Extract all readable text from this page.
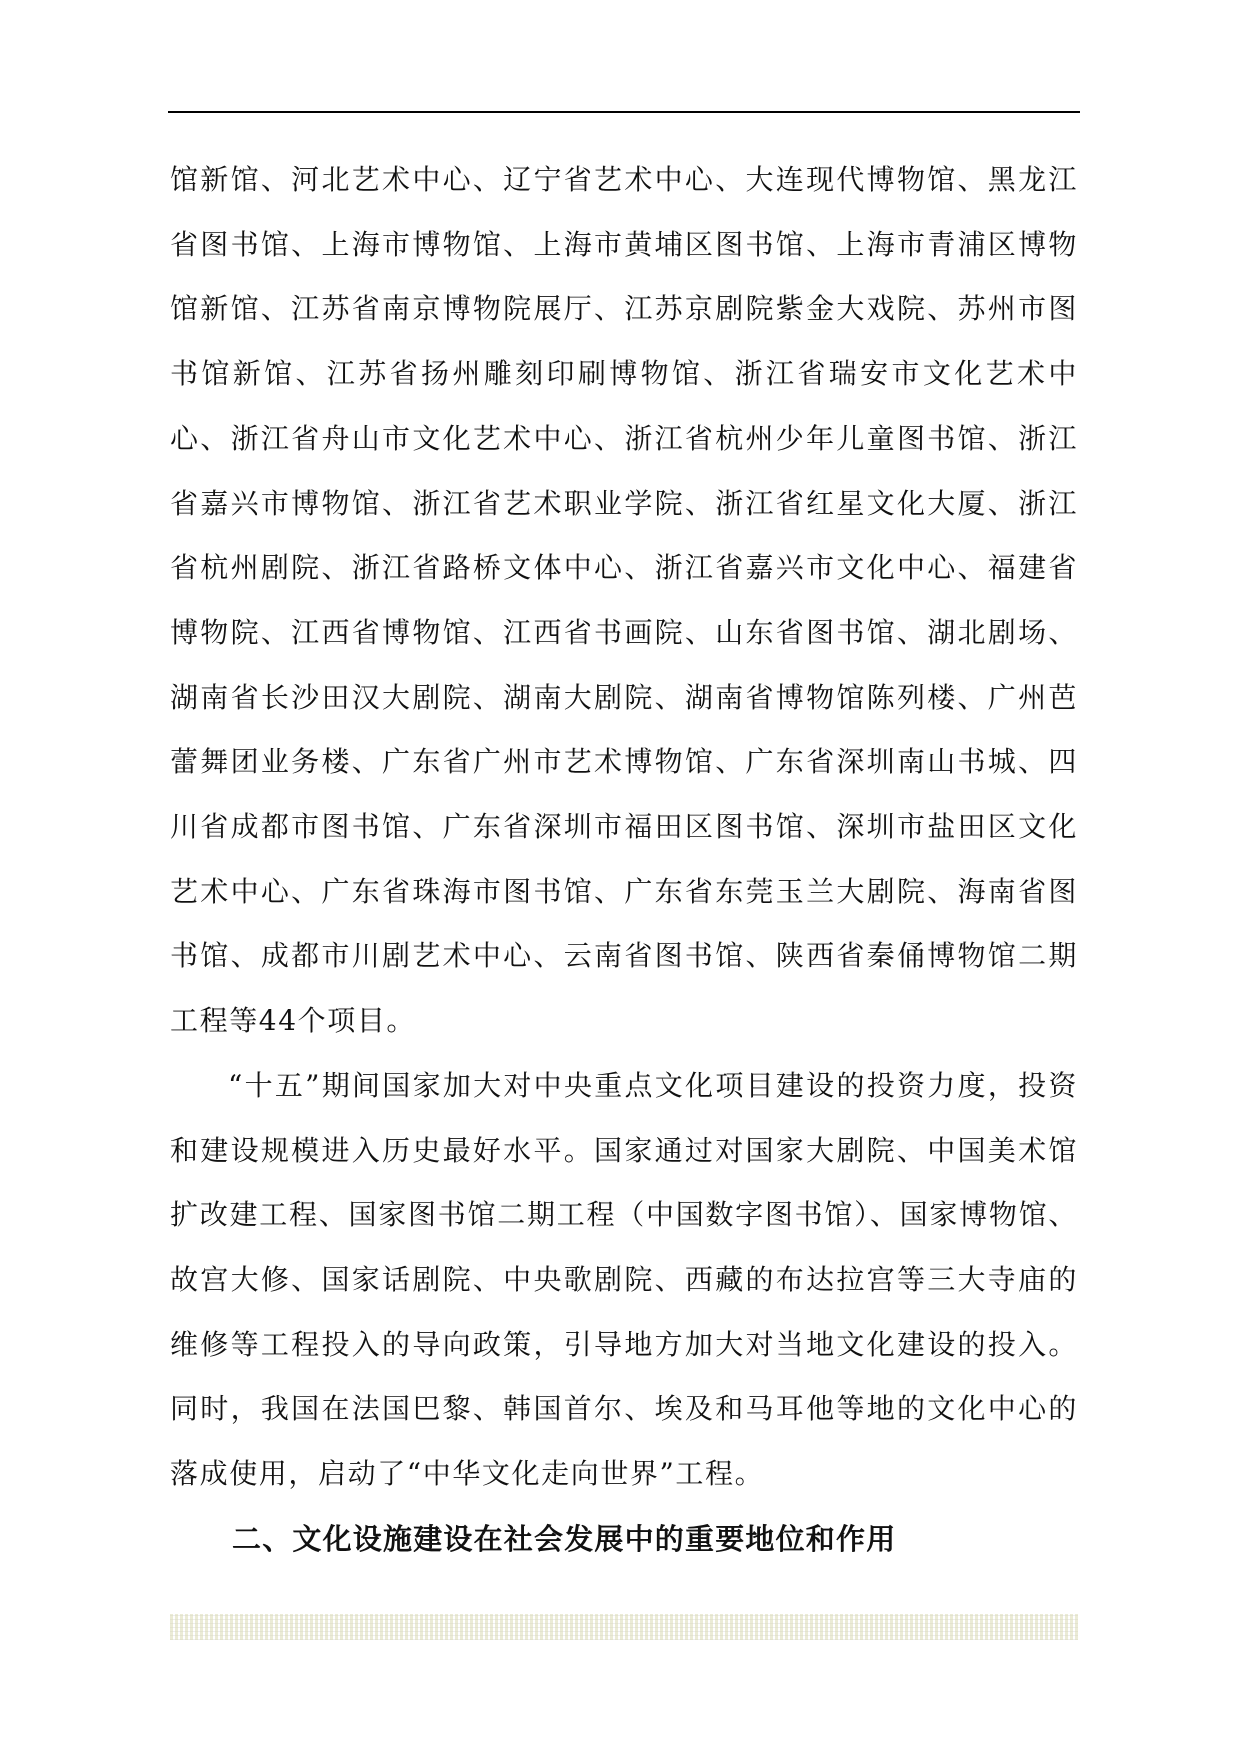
馆新馆、河北艺术中心、辽宁省艺术中心、大连现代博物馆、黑龙江省图书馆、上海市博物馆、上海市黄埔区图书馆、上海市青浦区博物馆新馆、江苏省南京博物院展厅、江苏京剧院紫金大戏院、苏州市图书馆新馆、江苏省扬州雕刻印刷博物馆、浙江省瑞安市文化艺术中心、浙江省舟山市文化艺术中心、浙江省杭州少年儿童图书馆、浙江省嘉兴市博物馆、浙江省艺术职业学院、浙江省红星文化大厦、浙江省杭州剧院、浙江省路桥文体中心、浙江省嘉兴市文化中心、福建省博物院、江西省博物馆、江西省书画院、山东省图书馆、湖北剧场、湖南省长沙田汉大剧院、湖南大剧院、湖南省博物馆陈列楼、广州芭蕾舞团业务楼、广东省广州市艺术博物馆、广东省深圳南山书城、四川省成都市图书馆、广东省深圳市福田区图书馆、深圳市盐田区文化艺术中心、广东省珠海市图书馆、广东省东莞玉兰大剧院、海南省图书馆、成都市川剧艺术中心、云南省图书馆、陕西省秦俑博物馆二期工程等44个项目。

“十五”期间国家加大对中央重点文化项目建设的投资力度，投资和建设规模进入历史最好水平。国家通过对国家大剧院、中国美术馆扩改建工程、国家图书馆二期工程（中国数字图书馆）、国家博物馆、故宫大修、国家话剧院、中央歌剧院、西藏的布达拉宫等三大寺庙的维修等工程投入的导向政策，引导地方加大对当地文化建设的投入。同时，我国在法国巴黎、韩国首尔、埃及和马耳他等地的文化中心的落成使用，启动了“中华文化走向世界”工程。

二、文化设施建设在社会发展中的重要地位和作用
